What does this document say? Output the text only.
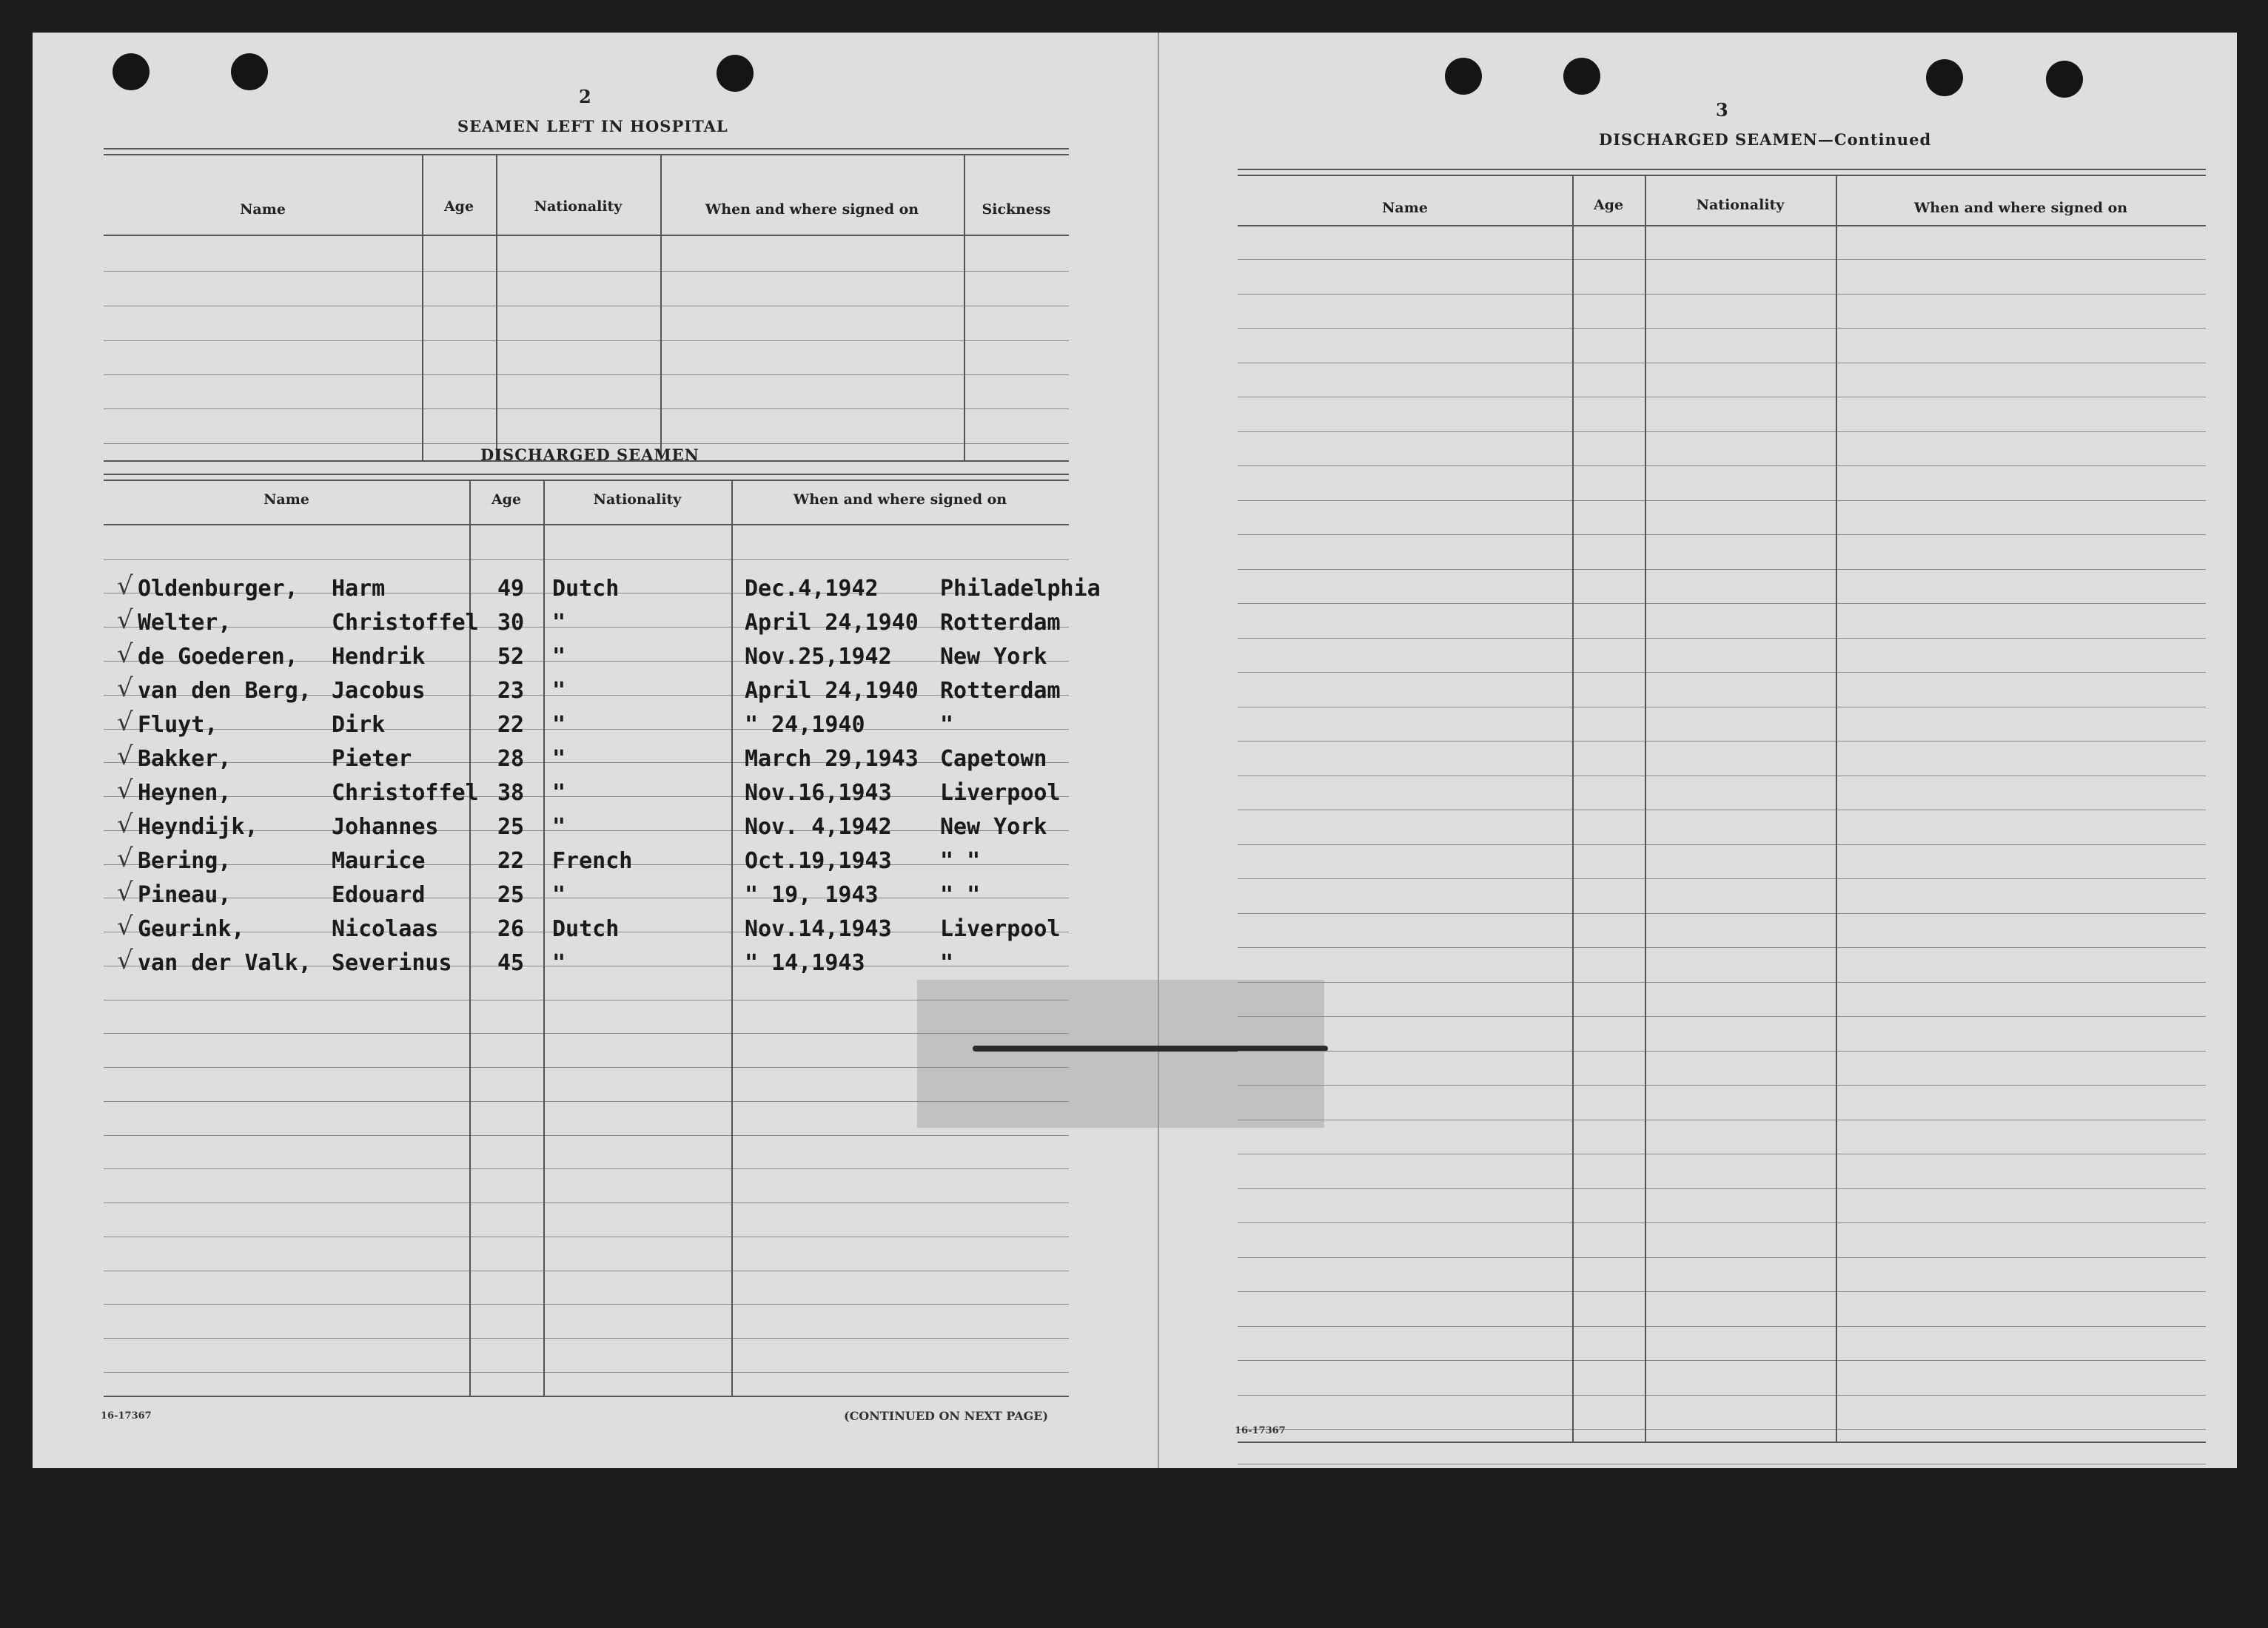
2
SEAMEN LEFT IN HOSPITAL
Name	Age	Nationality	When and where signed on	Sickness
DISCHARGED SEAMEN
Name	Age	Nationality	When and where signed on
√ Oldenburger, Harm	49 Dutch	Dec.4,1942	Philadelphia
√ Welter,	Christoffel 30 "	April 24,1940 Rotterdam
√ de Goederen, Hendrik	52 "	Nov.25,1942 New York
√ van den Berg, Jacobus	23 "	April 24,1940 Rotterdam
√ Fluyt,	Dirk	22 "	" 24,1940	"
√ Bakker,	Pieter	28 "	March 29,1943 Capetown
√ Heynen,	Christoffel 38 "	Nov.16,1943 Liverpool
√ Heyndijk,	Johannes	25 "	Nov. 4,1942 New York
√ Bering,	Maurice	22 French	Oct.19,1943 " "
√ Pineau,	Edouard	25 "	" 19, 1943	" "
√ Geurink,	Nicolaas	26 Dutch	Nov.14,1943 Liverpool
√ van der Valk, Severinus 45 "	" 14,1943	"
16-17367	(CONTINUED ON NEXT PAGE)
3
DISCHARGED SEAMEN—Continued
Name	Age	Nationality	When and where signed on
16-17367
